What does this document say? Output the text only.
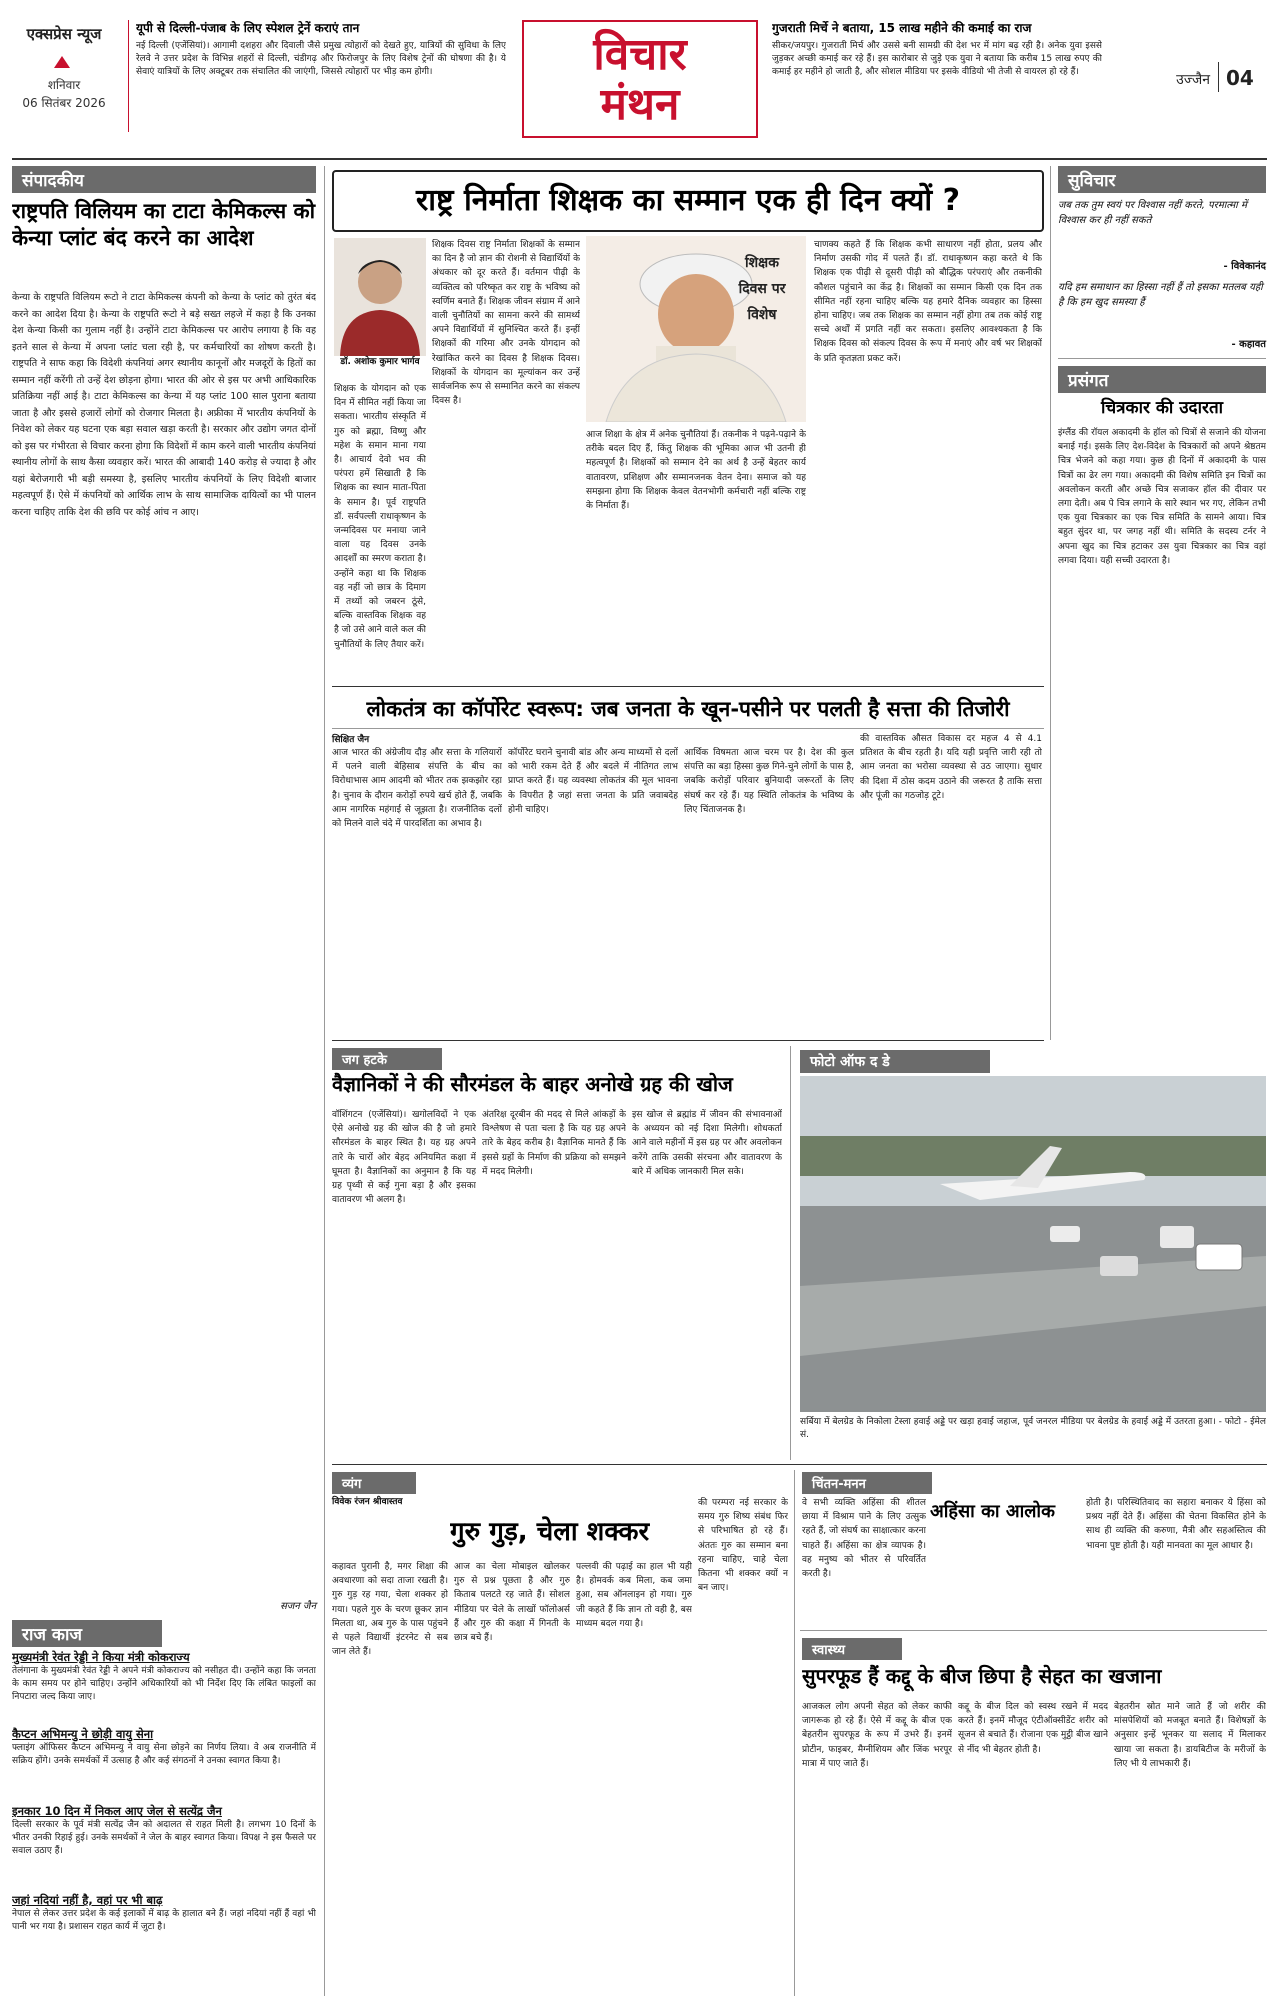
एक्सप्रेस न्यूज
शनिवार
06 सितंबर 2026
यूपी से दिल्ली-पंजाब के लिए स्पेशल ट्रेनें कराएं तान
नई दिल्ली (एजेंसियां)। आगामी दशहरा और दिवाली जैसे प्रमुख त्योहारों को देखते हुए, यात्रियों की सुविधा के लिए रेलवे ने उत्तर प्रदेश के विभिन्न शहरों से दिल्ली, चंडीगढ़ और फिरोजपुर के लिए विशेष ट्रेनों की घोषणा की है। ये सेवाएं यात्रियों के लिए अक्टूबर तक संचालित की जाएंगी, जिससे त्योहारों पर भीड़ कम होगी।	विचार
मंथन
गुजराती मिर्चे ने बताया, 15 लाख महीने की कमाई का राज
सीकर/जयपुर। गुजराती मिर्च और उससे बनी सामग्री की देश भर में मांग बढ़ रही है। अनेक युवा इससे जुड़कर अच्छी कमाई कर रहे हैं। इस कारोबार से जुड़े एक युवा ने बताया कि करीब 15 लाख रुपए की कमाई हर महीने हो जाती है, और सोशल मीडिया पर इसके वीडियो भी तेजी से वायरल हो रहे हैं।	उज्जैन 04
संपादकीय
राष्ट्रपति विलियम का टाटा केमिकल्स को केन्या प्लांट बंद करने का आदेश
केन्या के राष्ट्रपति विलियम रूटो ने टाटा केमिकल्स कंपनी को केन्या के प्लांट को तुरंत बंद करने का आदेश दिया है। केन्या के राष्ट्रपति रूटो ने बड़े सख्त लहजे में कहा है कि उनका देश केन्या किसी का गुलाम नहीं है। उन्होंने टाटा केमिकल्स पर आरोप लगाया है कि वह इतने साल से केन्या में अपना प्लांट चला रही है, पर कर्मचारियों का शोषण करती है। राष्ट्रपति ने साफ कहा कि विदेशी कंपनियां अगर स्थानीय कानूनों और मजदूरों के हितों का सम्मान नहीं करेंगी तो उन्हें देश छोड़ना होगा। भारत की ओर से इस पर अभी आधिकारिक प्रतिक्रिया नहीं आई है। टाटा केमिकल्स का केन्या में यह प्लांट 100 साल पुराना बताया जाता है और इससे हजारों लोगों को रोजगार मिलता है। अफ्रीका में भारतीय कंपनियों के निवेश को लेकर यह घटना एक बड़ा सवाल खड़ा करती है। सरकार और उद्योग जगत दोनों को इस पर गंभीरता से विचार करना होगा कि विदेशों में काम करने वाली भारतीय कंपनियां स्थानीय लोगों के साथ कैसा व्यवहार करें। भारत की आबादी 140 करोड़ से ज्यादा है और यहां बेरोजगारी भी बड़ी समस्या है, इसलिए भारतीय कंपनियों के लिए विदेशी बाजार महत्वपूर्ण हैं। ऐसे में कंपनियों को आर्थिक लाभ के साथ सामाजिक दायित्वों का भी पालन करना चाहिए ताकि देश की छवि पर कोई आंच न आए।
सजन जैन
राज काज
मुख्यमंत्री रेवंत रेड्डी ने किया मंत्री कोकराज्य
तेलंगाना के मुख्यमंत्री रेवंत रेड्डी ने अपने मंत्री कोकराज्य को नसीहत दी। उन्होंने कहा कि जनता के काम समय पर होने चाहिए। उन्होंने अधिकारियों को भी निर्देश दिए कि लंबित फाइलों का निपटारा जल्द किया जाए।
कैप्टन अभिमन्यु ने छोड़ी वायु सेना
फ्लाइंग ऑफिसर कैप्टन अभिमन्यु ने वायु सेना छोड़ने का निर्णय लिया। वे अब राजनीति में सक्रिय होंगे। उनके समर्थकों में उत्साह है और कई संगठनों ने उनका स्वागत किया है।
इनकार 10 दिन में निकल आए जेल से सत्येंद्र जैन
दिल्ली सरकार के पूर्व मंत्री सत्येंद्र जैन को अदालत से राहत मिली है। लगभग 10 दिनों के भीतर उनकी रिहाई हुई। उनके समर्थकों ने जेल के बाहर स्वागत किया। विपक्ष ने इस फैसले पर सवाल उठाए हैं।
जहां नदियां नहीं है, वहां पर भी बाढ़
नेपाल से लेकर उत्तर प्रदेश के कई इलाकों में बाढ़ के हालात बने हैं। जहां नदियां नहीं हैं वहां भी पानी भर गया है। प्रशासन राहत कार्य में जुटा है।
राष्ट्र निर्माता शिक्षक का सम्मान एक ही दिन क्यों ?
डॉ. अशोक कुमार भार्गव
शिक्षक दिवस राष्ट्र निर्माता शिक्षकों के सम्मान का दिन है जो ज्ञान की रोशनी से विद्यार्थियों के अंधकार को दूर करते हैं। वर्तमान पीढ़ी के व्यक्तित्व को परिष्कृत कर राष्ट्र के भविष्य को स्वर्णिम बनाते हैं। शिक्षक जीवन संग्राम में आने वाली चुनौतियों का सामना करने की सामर्थ्य अपने विद्यार्थियों में सुनिश्चित करते हैं। इन्हीं शिक्षकों की गरिमा और उनके योगदान को रेखांकित करने का दिवस है शिक्षक दिवस। शिक्षकों के योगदान का मूल्यांकन कर उन्हें सार्वजनिक रूप से सम्मानित करने का संकल्प दिवस है।
शिक्षक के योगदान को एक दिन में सीमित नहीं किया जा सकता। भारतीय संस्कृति में गुरु को ब्रह्मा, विष्णु और महेश के समान माना गया है। आचार्य देवो भव की परंपरा हमें सिखाती है कि शिक्षक का स्थान माता-पिता के समान है। पूर्व राष्ट्रपति डॉ. सर्वपल्ली राधाकृष्णन के जन्मदिवस पर मनाया जाने वाला यह दिवस उनके आदर्शों का स्मरण कराता है। उन्होंने कहा था कि शिक्षक वह नहीं जो छात्र के दिमाग में तथ्यों को जबरन ठूंसे, बल्कि वास्तविक शिक्षक वह है जो उसे आने वाले कल की चुनौतियों के लिए तैयार करें।
शिक्षक
दिवस पर
विशेष
आज शिक्षा के क्षेत्र में अनेक चुनौतियां हैं। तकनीक ने पढ़ने-पढ़ाने के तरीके बदल दिए हैं, किंतु शिक्षक की भूमिका आज भी उतनी ही महत्वपूर्ण है। शिक्षकों को सम्मान देने का अर्थ है उन्हें बेहतर कार्य वातावरण, प्रशिक्षण और सम्मानजनक वेतन देना। समाज को यह समझना होगा कि शिक्षक केवल वेतनभोगी कर्मचारी नहीं बल्कि राष्ट्र के निर्माता हैं।
चाणक्य कहते हैं कि शिक्षक कभी साधारण नहीं होता, प्रलय और निर्माण उसकी गोद में पलते हैं। डॉ. राधाकृष्णन कहा करते थे कि शिक्षक एक पीढ़ी से दूसरी पीढ़ी को बौद्धिक परंपराएं और तकनीकी कौशल पहुंचाने का केंद्र है। शिक्षकों का सम्मान किसी एक दिन तक सीमित नहीं रहना चाहिए बल्कि यह हमारे दैनिक व्यवहार का हिस्सा होना चाहिए। जब तक शिक्षक का सम्मान नहीं होगा तब तक कोई राष्ट्र सच्चे अर्थों में प्रगति नहीं कर सकता। इसलिए आवश्यकता है कि शिक्षक दिवस को संकल्प दिवस के रूप में मनाएं और वर्ष भर शिक्षकों के प्रति कृतज्ञता प्रकट करें।
लोकतंत्र का कॉर्पोरेट स्वरूप: जब जनता के खून-पसीने पर पलती है सत्ता की तिजोरी
सिक्षित जैन
आज भारत की अंग्रेजीय दौड़ और सत्ता के गलियारों में पलने वाली बेहिसाब संपत्ति के बीच का विरोधाभास आम आदमी को भीतर तक झकझोर रहा है। चुनाव के दौरान करोड़ों रुपये खर्च होते हैं, जबकि आम नागरिक महंगाई से जूझता है। राजनीतिक दलों को मिलने वाले चंदे में पारदर्शिता का अभाव है।
कॉर्पोरेट घराने चुनावी बांड और अन्य माध्यमों से दलों को भारी रकम देते हैं और बदले में नीतिगत लाभ प्राप्त करते हैं। यह व्यवस्था लोकतंत्र की मूल भावना के विपरीत है जहां सत्ता जनता के प्रति जवाबदेह होनी चाहिए।
आर्थिक विषमता आज चरम पर है। देश की कुल संपत्ति का बड़ा हिस्सा कुछ गिने-चुने लोगों के पास है, जबकि करोड़ों परिवार बुनियादी जरूरतों के लिए संघर्ष कर रहे हैं। यह स्थिति लोकतंत्र के भविष्य के लिए चिंताजनक है।
की वास्तविक औसत विकास दर महज 4 से 4.1 प्रतिशत के बीच रहती है। यदि यही प्रवृत्ति जारी रही तो आम जनता का भरोसा व्यवस्था से उठ जाएगा। सुधार की दिशा में ठोस कदम उठाने की जरूरत है ताकि सत्ता और पूंजी का गठजोड़ टूटे।
जग हटके
वैज्ञानिकों ने की सौरमंडल के बाहर अनोखे ग्रह की खोज
वॉशिंगटन (एजेंसियां)। खगोलविदों ने एक ऐसे अनोखे ग्रह की खोज की है जो हमारे सौरमंडल के बाहर स्थित है। यह ग्रह अपने तारे के चारों ओर बेहद अनियमित कक्षा में घूमता है। वैज्ञानिकों का अनुमान है कि यह ग्रह पृथ्वी से कई गुना बड़ा है और इसका वातावरण भी अलग है।
अंतरिक्ष दूरबीन की मदद से मिले आंकड़ों के विश्लेषण से पता चला है कि यह ग्रह अपने तारे के बेहद करीब है। वैज्ञानिक मानते हैं कि इससे ग्रहों के निर्माण की प्रक्रिया को समझने में मदद मिलेगी।
इस खोज से ब्रह्मांड में जीवन की संभावनाओं के अध्ययन को नई दिशा मिलेगी। शोधकर्ता आने वाले महीनों में इस ग्रह पर और अवलोकन करेंगे ताकि उसकी संरचना और वातावरण के बारे में अधिक जानकारी मिल सके।
फोटो ऑफ द डे
सर्बिया में बेलग्रेड के निकोला टेस्ला हवाई अड्डे पर खड़ा हवाई जहाज, पूर्व जनरल मीडिया पर बेलग्रेड के हवाई अड्डे में उतरता हुआ। - फोटो - ईमेल सं.
व्यंग
विवेक रंजन श्रीवास्तव
गुरु गुड़, चेला शक्कर
कहावत पुरानी है, मगर शिक्षा की अवधारणा को सदा ताजा रखती है। गुरु गुड़ रह गया, चेला शक्कर हो गया। पहले गुरु के चरण छूकर ज्ञान मिलता था, अब गुरु के पास पहुंचने से पहले विद्यार्थी इंटरनेट से सब जान लेते हैं।
आज का चेला मोबाइल खोलकर गुरु से प्रश्न पूछता है और गुरु किताब पलटते रह जाते हैं। सोशल मीडिया पर चेले के लाखों फॉलोअर्स हैं और गुरु की कक्षा में गिनती के छात्र बचे हैं।
पल्लवी की पढ़ाई का हाल भी यही है। होमवर्क कब मिला, कब जमा हुआ, सब ऑनलाइन हो गया। गुरु जी कहते हैं कि ज्ञान तो वही है, बस माध्यम बदल गया है।
की परम्परा नई सरकार के समय गुरु शिष्य संबंध फिर से परिभाषित हो रहे हैं। अंततः गुरु का सम्मान बना रहना चाहिए, चाहे चेला कितना भी शक्कर क्यों न बन जाए।
चिंतन-मनन
अहिंसा का आलोक
वे सभी व्यक्ति अहिंसा की शीतल छाया में विश्राम पाने के लिए उत्सुक रहते हैं, जो संघर्ष का साक्षात्कार करना चाहते हैं। अहिंसा का क्षेत्र व्यापक है। वह मनुष्य को भीतर से परिवर्तित करती है।
होती है। परिस्थितिवाद का सहारा बनाकर ये हिंसा को प्रश्रय नहीं देते हैं। अहिंसा की चेतना विकसित होने के साथ ही व्यक्ति की करुणा, मैत्री और सहअस्तित्व की भावना पुष्ट होती है। यही मानवता का मूल आधार है।
स्वास्थ्य
सुपरफूड हैं कद्दू के बीज छिपा है सेहत का खजाना
आजकल लोग अपनी सेहत को लेकर काफी जागरूक हो रहे हैं। ऐसे में कद्दू के बीज एक बेहतरीन सुपरफूड के रूप में उभरे हैं। इनमें प्रोटीन, फाइबर, मैग्नीशियम और जिंक भरपूर मात्रा में पाए जाते हैं।
कद्दू के बीज दिल को स्वस्थ रखने में मदद करते हैं। इनमें मौजूद एंटीऑक्सीडेंट शरीर को सूजन से बचाते हैं। रोजाना एक मुट्ठी बीज खाने से नींद भी बेहतर होती है।
बेहतरीन स्रोत माने जाते हैं जो शरीर की मांसपेशियों को मजबूत बनाते हैं। विशेषज्ञों के अनुसार इन्हें भूनकर या सलाद में मिलाकर खाया जा सकता है। डायबिटीज के मरीजों के लिए भी ये लाभकारी हैं।
सुविचार
जब तक तुम स्वयं पर विश्वास नहीं करते, परमात्मा में विश्वास कर ही नहीं सकते
- विवेकानंद
यदि हम समाधान का हिस्सा नहीं हैं तो इसका मतलब यही है कि हम खुद समस्या हैं
- कहावत
प्रसंगत
चित्रकार की उदारता
इंग्लैंड की रॉयल अकादमी के हॉल को चित्रों से सजाने की योजना बनाई गई। इसके लिए देश-विदेश के चित्रकारों को अपने श्रेष्ठतम चित्र भेजने को कहा गया। कुछ ही दिनों में अकादमी के पास चित्रों का ढेर लग गया। अकादमी की विशेष समिति इन चित्रों का अवलोकन करती और अच्छे चित्र सजाकर हॉल की दीवार पर लगा देती। अब पे चित्र लगाने के सारे स्थान भर गए, लेकिन तभी एक युवा चित्रकार का एक चित्र समिति के सामने आया। चित्र बहुत सुंदर था, पर जगह नहीं थी। समिति के सदस्य टर्नर ने अपना खुद का चित्र हटाकर उस युवा चित्रकार का चित्र वहां लगवा दिया। यही सच्ची उदारता है।
